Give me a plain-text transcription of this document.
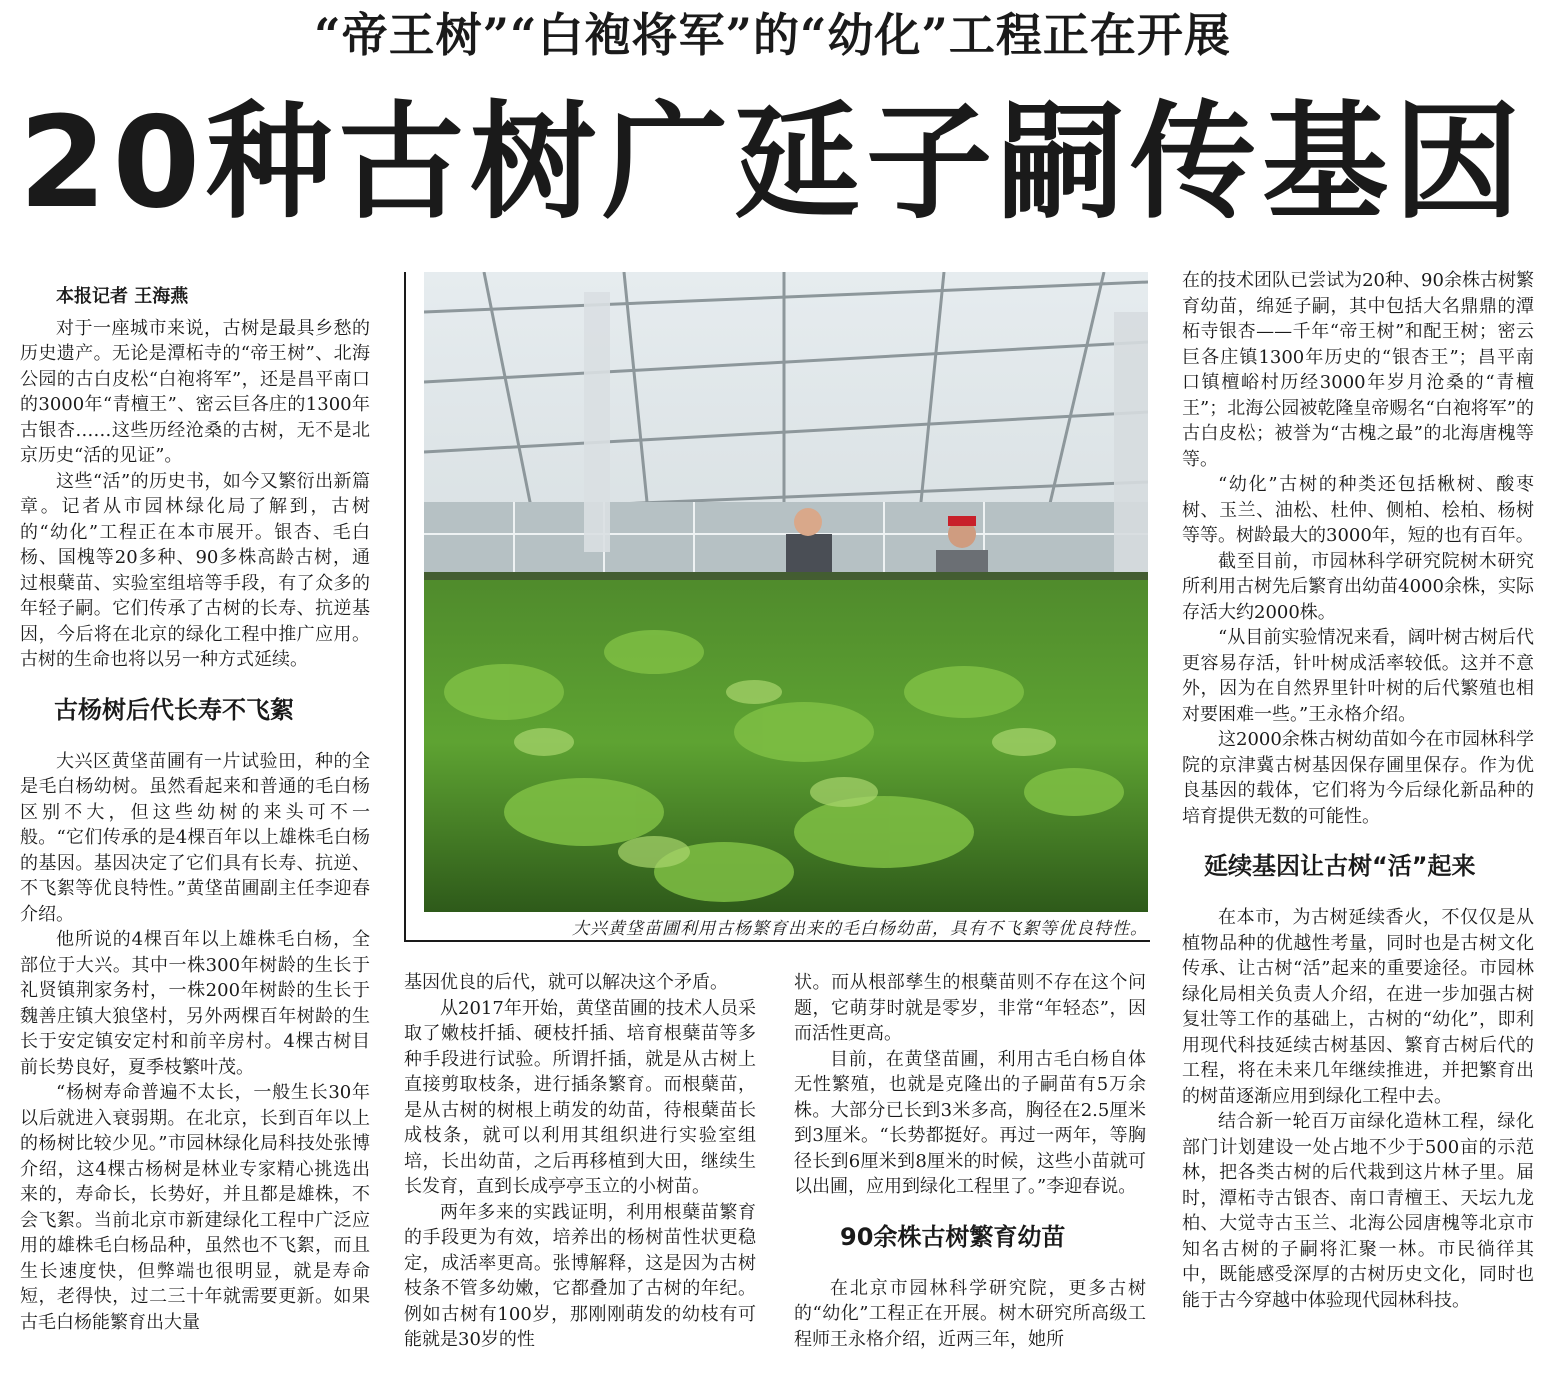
“帝王树”“白袍将军”的“幼化”工程正在开展
20种古树广延子嗣传基因

本报记者 王海燕

对于一座城市来说，古树是最具乡愁的历史遗产。无论是潭柘寺的“帝王树”、北海公园的古白皮松“白袍将军”，还是昌平南口的3000年“青檀王”、密云巨各庄的1300年古银杏……这些历经沧桑的古树，无不是北京历史“活的见证”。

这些“活”的历史书，如今又繁衍出新篇章。记者从市园林绿化局了解到，古树的“幼化”工程正在本市展开。银杏、毛白杨、国槐等20多种、90多株高龄古树，通过根蘖苗、实验室组培等手段，有了众多的年轻子嗣。它们传承了古树的长寿、抗逆基因，今后将在北京的绿化工程中推广应用。古树的生命也将以另一种方式延续。

古杨树后代长寿不飞絮

大兴区黄垡苗圃有一片试验田，种的全是毛白杨幼树。虽然看起来和普通的毛白杨区别不大，但这些幼树的来头可不一般。“它们传承的是4棵百年以上雄株毛白杨的基因。基因决定了它们具有长寿、抗逆、不飞絮等优良特性。”黄垡苗圃副主任李迎春介绍。

他所说的4棵百年以上雄株毛白杨，全部位于大兴。其中一株300年树龄的生长于礼贤镇荆家务村，一株200年树龄的生长于魏善庄镇大狼垡村，另外两棵百年树龄的生长于安定镇安定村和前辛房村。4棵古树目前长势良好，夏季枝繁叶茂。

“杨树寿命普遍不太长，一般生长30年以后就进入衰弱期。在北京，长到百年以上的杨树比较少见。”市园林绿化局科技处张博介绍，这4棵古杨树是林业专家精心挑选出来的，寿命长，长势好，并且都是雄株，不会飞絮。当前北京市新建绿化工程中广泛应用的雄株毛白杨品种，虽然也不飞絮，而且生长速度快，但弊端也很明显，就是寿命短，老得快，过二三十年就需要更新。如果古毛白杨能繁育出大量

大兴黄垡苗圃利用古杨繁育出来的毛白杨幼苗，具有不飞絮等优良特性。

基因优良的后代，就可以解决这个矛盾。

从2017年开始，黄垡苗圃的技术人员采取了嫩枝扦插、硬枝扦插、培育根蘖苗等多种手段进行试验。所谓扦插，就是从古树上直接剪取枝条，进行插条繁育。而根蘖苗，是从古树的树根上萌发的幼苗，待根蘖苗长成枝条，就可以利用其组织进行实验室组培，长出幼苗，之后再移植到大田，继续生长发育，直到长成亭亭玉立的小树苗。

两年多来的实践证明，利用根蘖苗繁育的手段更为有效，培养出的杨树苗性状更稳定，成活率更高。张博解释，这是因为古树枝条不管多幼嫩，它都叠加了古树的年纪。例如古树有100岁，那刚刚萌发的幼枝有可能就是30岁的性

状。而从根部孳生的根蘖苗则不存在这个问题，它萌芽时就是零岁，非常“年轻态”，因而活性更高。

目前，在黄垡苗圃，利用古毛白杨自体无性繁殖，也就是克隆出的子嗣苗有5万余株。大部分已长到3米多高，胸径在2.5厘米到3厘米。“长势都挺好。再过一两年，等胸径长到6厘米到8厘米的时候，这些小苗就可以出圃，应用到绿化工程里了。”李迎春说。

90余株古树繁育幼苗

在北京市园林科学研究院，更多古树的“幼化”工程正在开展。树木研究所高级工程师王永格介绍，近两三年，她所

在的技术团队已尝试为20种、90余株古树繁育幼苗，绵延子嗣，其中包括大名鼎鼎的潭柘寺银杏——千年“帝王树”和配王树；密云巨各庄镇1300年历史的“银杏王”；昌平南口镇檀峪村历经3000年岁月沧桑的“青檀王”；北海公园被乾隆皇帝赐名“白袍将军”的古白皮松；被誉为“古槐之最”的北海唐槐等等。

“幼化”古树的种类还包括楸树、酸枣树、玉兰、油松、杜仲、侧柏、桧柏、杨树等等。树龄最大的3000年，短的也有百年。

截至目前，市园林科学研究院树木研究所利用古树先后繁育出幼苗4000余株，实际存活大约2000株。

“从目前实验情况来看，阔叶树古树后代更容易存活，针叶树成活率较低。这并不意外，因为在自然界里针叶树的后代繁殖也相对要困难一些。”王永格介绍。

这2000余株古树幼苗如今在市园林科学院的京津冀古树基因保存圃里保存。作为优良基因的载体，它们将为今后绿化新品种的培育提供无数的可能性。

延续基因让古树“活”起来

在本市，为古树延续香火，不仅仅是从植物品种的优越性考量，同时也是古树文化传承、让古树“活”起来的重要途径。市园林绿化局相关负责人介绍，在进一步加强古树复壮等工作的基础上，古树的“幼化”，即利用现代科技延续古树基因、繁育古树后代的工程，将在未来几年继续推进，并把繁育出的树苗逐渐应用到绿化工程中去。

结合新一轮百万亩绿化造林工程，绿化部门计划建设一处占地不少于500亩的示范林，把各类古树的后代栽到这片林子里。届时，潭柘寺古银杏、南口青檀王、天坛九龙柏、大觉寺古玉兰、北海公园唐槐等北京市知名古树的子嗣将汇聚一林。市民徜徉其中，既能感受深厚的古树历史文化，同时也能于古今穿越中体验现代园林科技。
